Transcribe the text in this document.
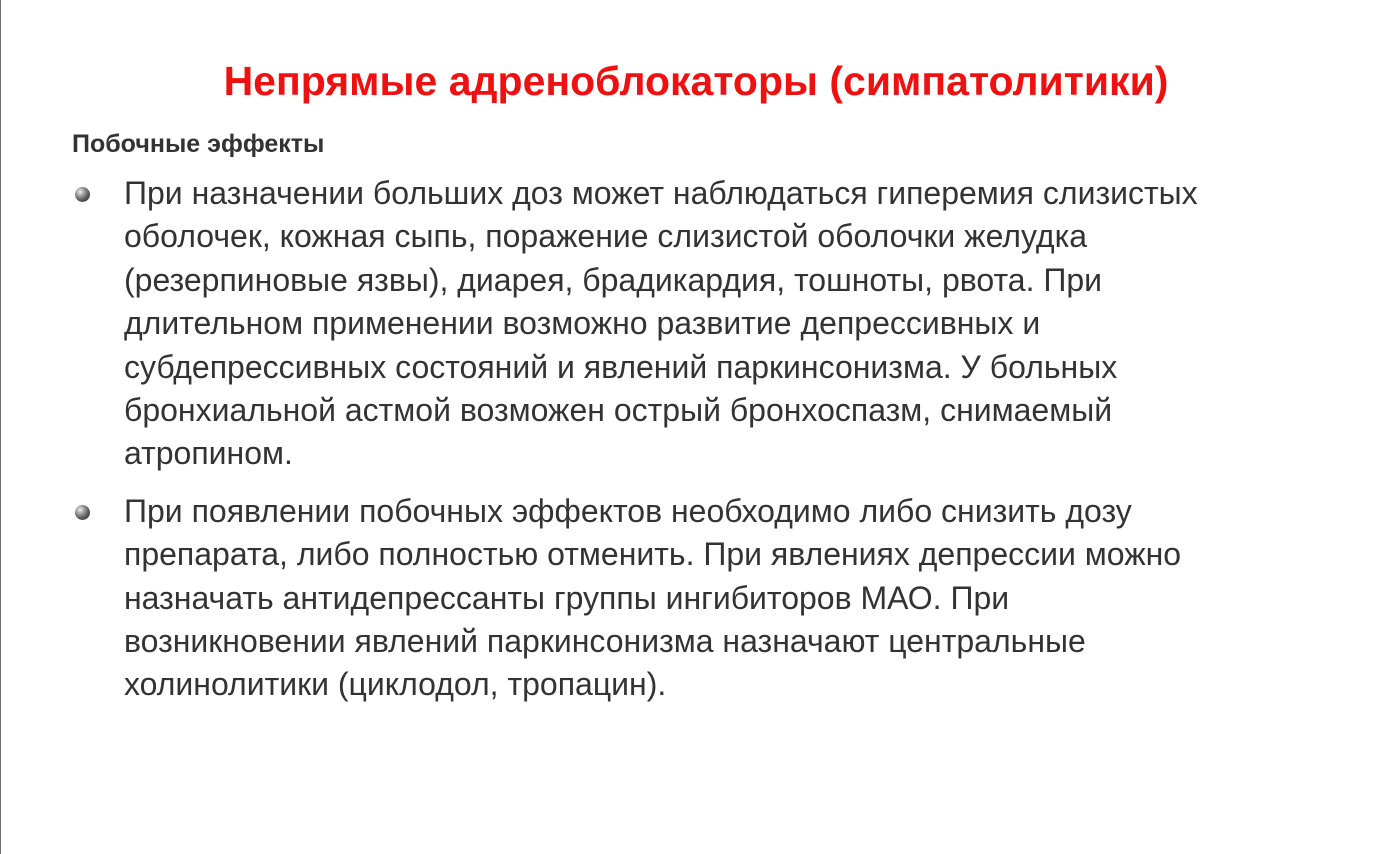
Непрямые адреноблокаторы (симпатолитики)
Побочные эффекты
При назначении больших доз может наблюдаться гиперемия слизистых
оболочек, кожная сыпь, поражение слизистой оболочки желудка
(резерпиновые язвы), диарея, брадикардия, тошноты, рвота. При
длительном применении возможно развитие депрессивных и
субдепрессивных состояний и явлений паркинсонизма. У больных
бронхиальной астмой возможен острый бронхоспазм, снимаемый
атропином.
При появлении побочных эффектов необходимо либо снизить дозу
препарата, либо полностью отменить. При явлениях депрессии можно
назначать антидепрессанты группы ингибиторов МАО. При
возникновении явлений паркинсонизма назначают центральные
холинолитики (циклодол, тропацин).
